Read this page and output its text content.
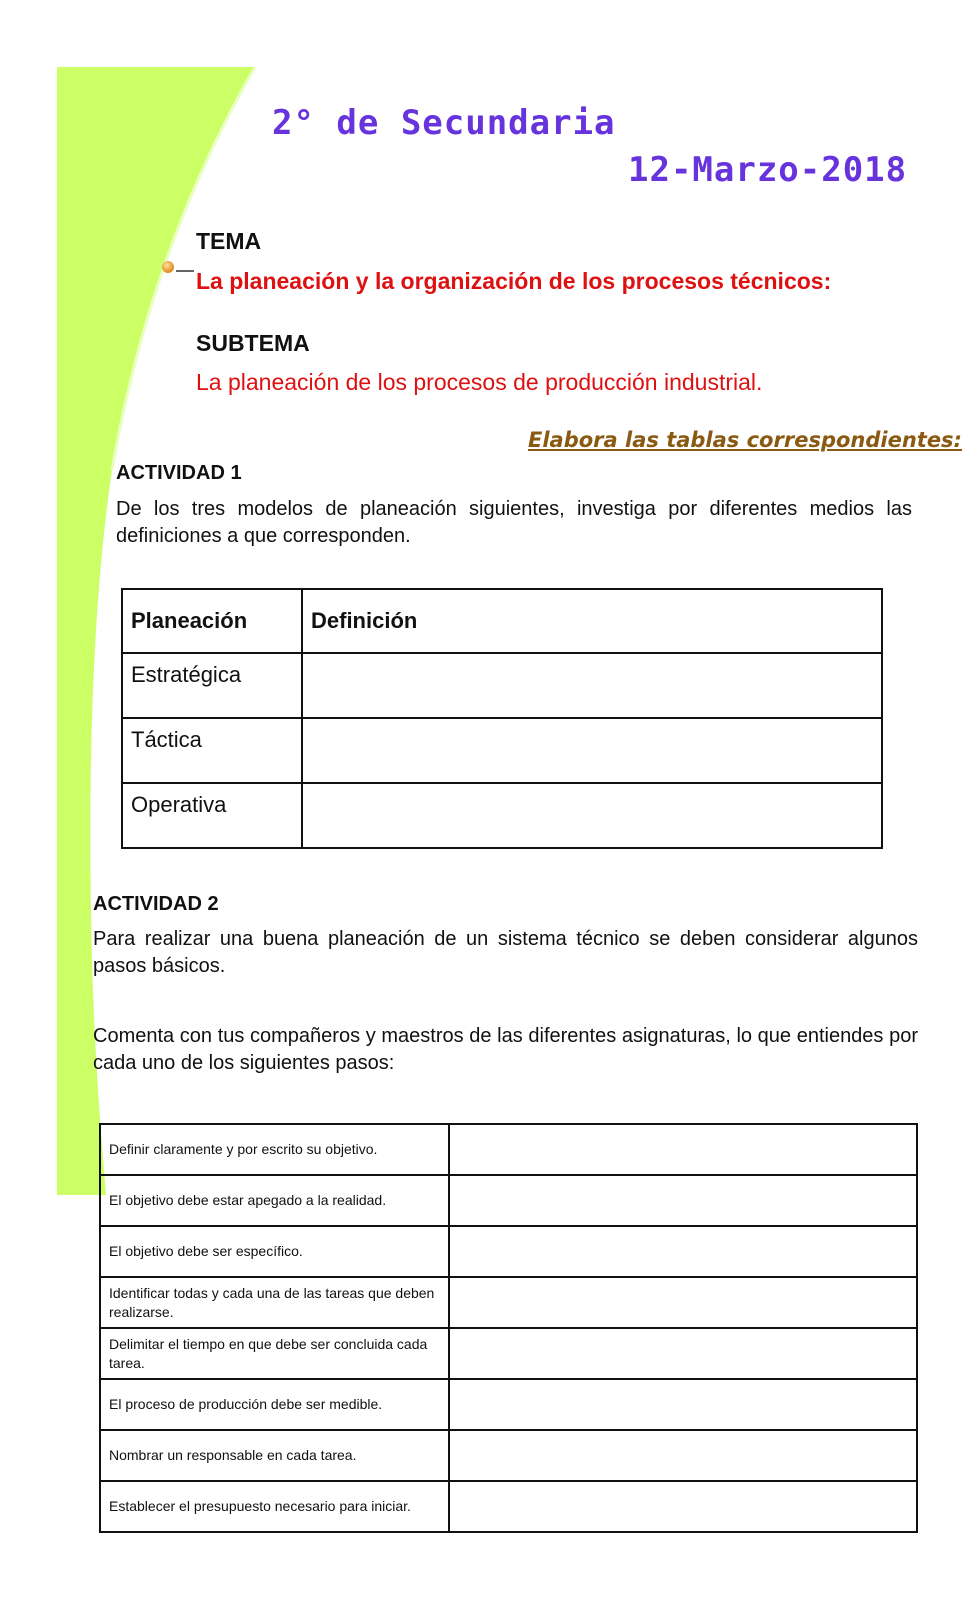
2° de Secundaria
12-Marzo-2018
TEMA
La planeación y la organización de los procesos técnicos:
SUBTEMA
La planeación de los procesos de producción industrial.
Elabora las tablas correspondientes:
ACTIVIDAD 1
De los tres modelos de planeación siguientes, investiga por diferentes medios las definiciones a que corresponden.
Planeación	Definición
Estratégica	
Táctica	
Operativa	
ACTIVIDAD 2
Para realizar una buena planeación de un sistema técnico se deben considerar algunos pasos básicos.
Comenta con tus compañeros y maestros de las diferentes asignaturas, lo que entiendes por cada uno de los siguientes pasos:
Definir claramente y por escrito su objetivo.	
El objetivo debe estar apegado a la realidad.	
El objetivo debe ser específico.	
Identificar todas y cada una de las tareas que deben realizarse.	
Delimitar el tiempo en que debe ser concluida cada tarea.	
El proceso de producción debe ser medible.	
Nombrar un responsable en cada tarea.	
Establecer el presupuesto necesario para iniciar.	
